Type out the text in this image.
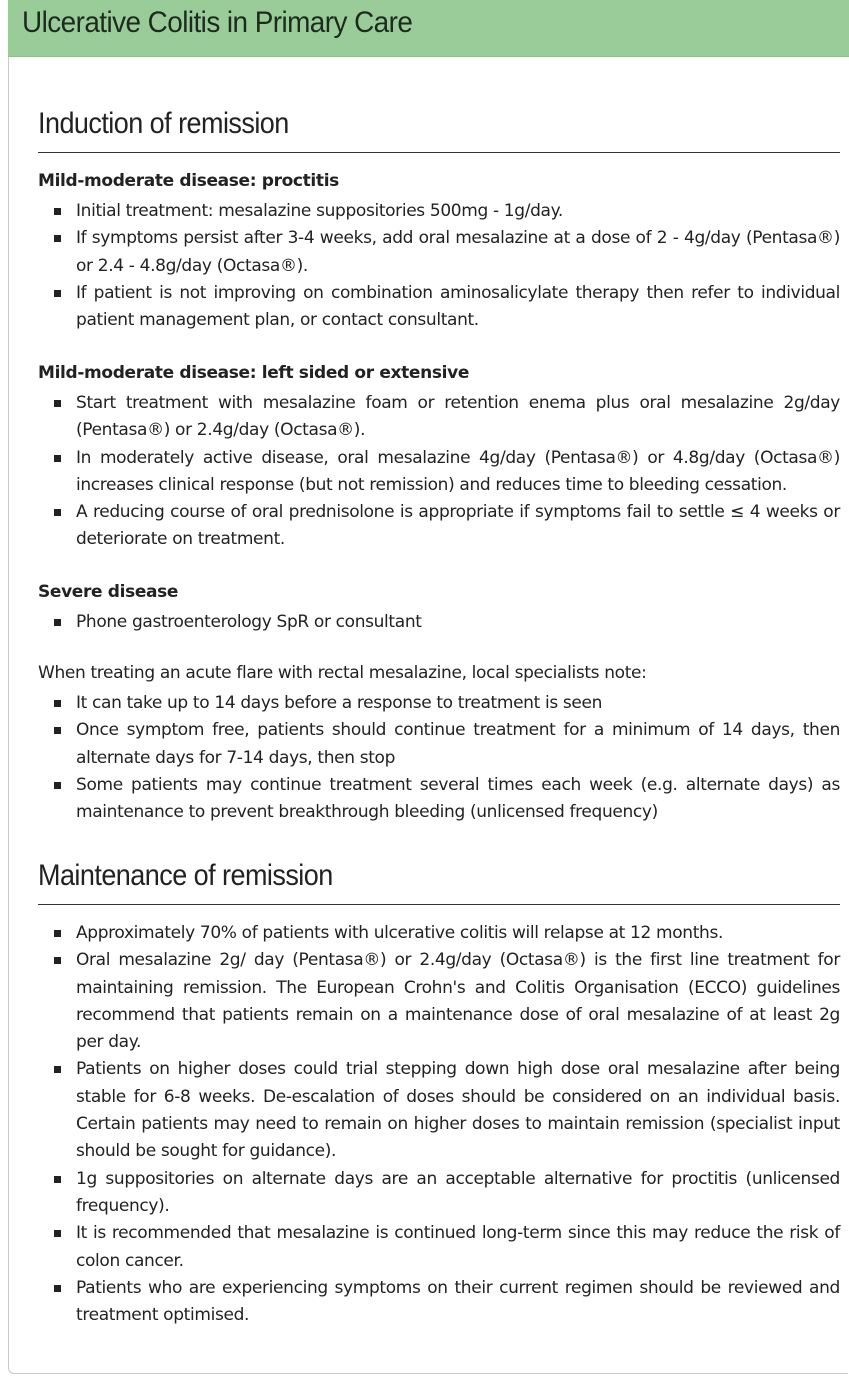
Ulcerative Colitis in Primary Care
Induction of remission
Mild-moderate disease: proctitis
Initial treatment: mesalazine suppositories 500mg - 1g/day.
If symptoms persist after 3-4 weeks, add oral mesalazine at a dose of 2 - 4g/day (Pentasa®) or 2.4 - 4.8g/day (Octasa®).
If patient is not improving on combination aminosalicylate therapy then refer to individual patient management plan, or contact consultant.
Mild-moderate disease: left sided or extensive
Start treatment with mesalazine foam or retention enema plus oral mesalazine 2g/day (Pentasa®) or 2.4g/day (Octasa®).
In moderately active disease, oral mesalazine 4g/day (Pentasa®) or 4.8g/day (Octasa®) increases clinical response (but not remission) and reduces time to bleeding cessation.
A reducing course of oral prednisolone is appropriate if symptoms fail to settle ≤ 4 weeks or deteriorate on treatment.
Severe disease
Phone gastroenterology SpR or consultant

When treating an acute flare with rectal mesalazine, local specialists note:

It can take up to 14 days before a response to treatment is seen
Once symptom free, patients should continue treatment for a minimum of 14 days, then alternate days for 7-14 days, then stop
Some patients may continue treatment several times each week (e.g. alternate days) as maintenance to prevent breakthrough bleeding (unlicensed frequency)
Maintenance of remission
Approximately 70% of patients with ulcerative colitis will relapse at 12 months.
Oral mesalazine 2g/ day (Pentasa®) or 2.4g/day (Octasa®) is the first line treatment for maintaining remission. The European Crohn's and Colitis Organisation (ECCO) guidelines recommend that patients remain on a maintenance dose of oral mesalazine of at least 2g per day.
Patients on higher doses could trial stepping down high dose oral mesalazine after being stable for 6-8 weeks. De-escalation of doses should be considered on an individual basis. Certain patients may need to remain on higher doses to maintain remission (specialist input should be sought for guidance).
1g suppositories on alternate days are an acceptable alternative for proctitis (unlicensed frequency).
It is recommended that mesalazine is continued long-term since this may reduce the risk of colon cancer.
Patients who are experiencing symptoms on their current regimen should be reviewed and treatment optimised.
